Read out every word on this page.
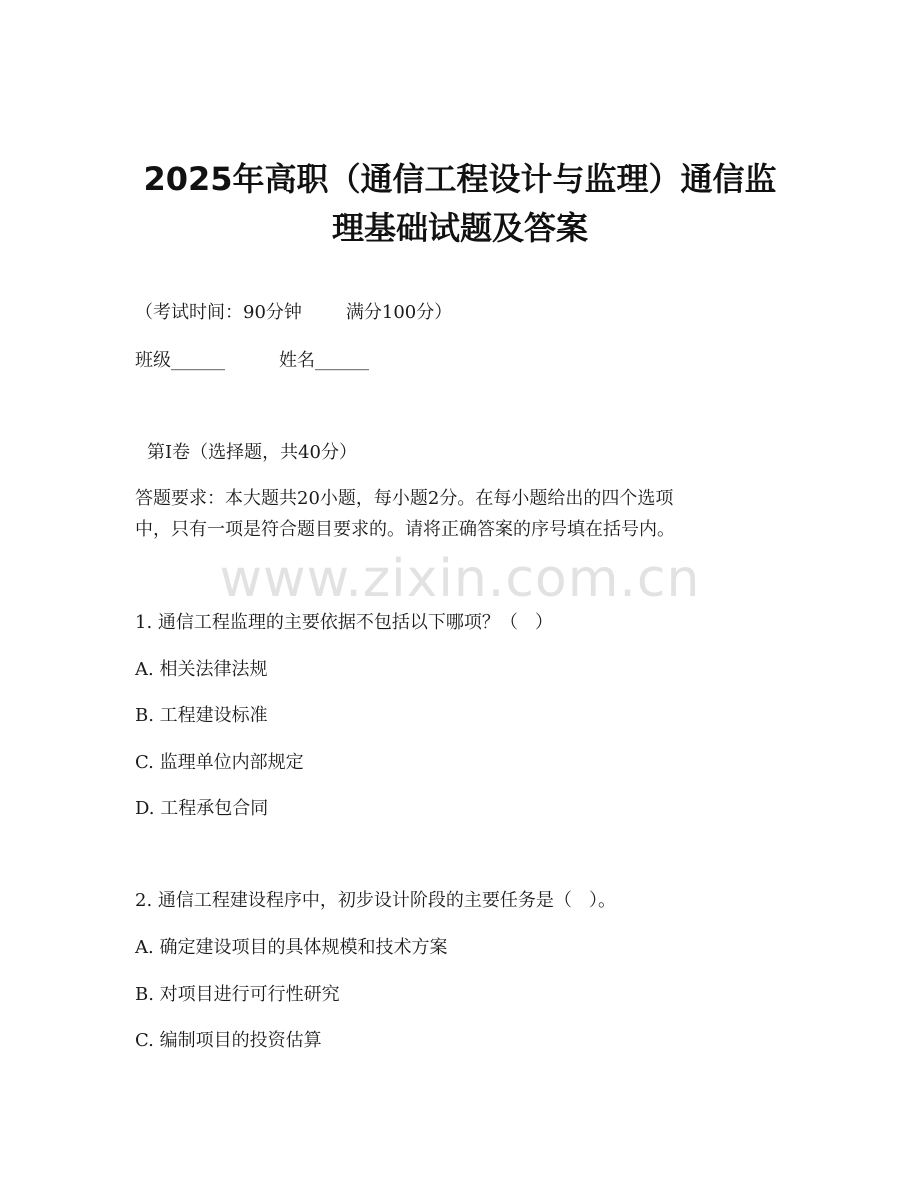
2025年高职（通信工程设计与监理）通信监
理基础试题及答案
（考试时间：90分钟 满分100分）
班级______	姓名______
第Ⅰ卷（选择题，共40分）
答题要求：本大题共20小题，每小题2分。在每小题给出的四个选项
中，只有一项是符合题目要求的。请将正确答案的序号填在括号内。
www.zixin.com.cn
1. 通信工程监理的主要依据不包括以下哪项？（   ）
A. 相关法律法规
B. 工程建设标准
C. 监理单位内部规定
D. 工程承包合同
2. 通信工程建设程序中，初步设计阶段的主要任务是（   ）。
A. 确定建设项目的具体规模和技术方案
B. 对项目进行可行性研究
C. 编制项目的投资估算
